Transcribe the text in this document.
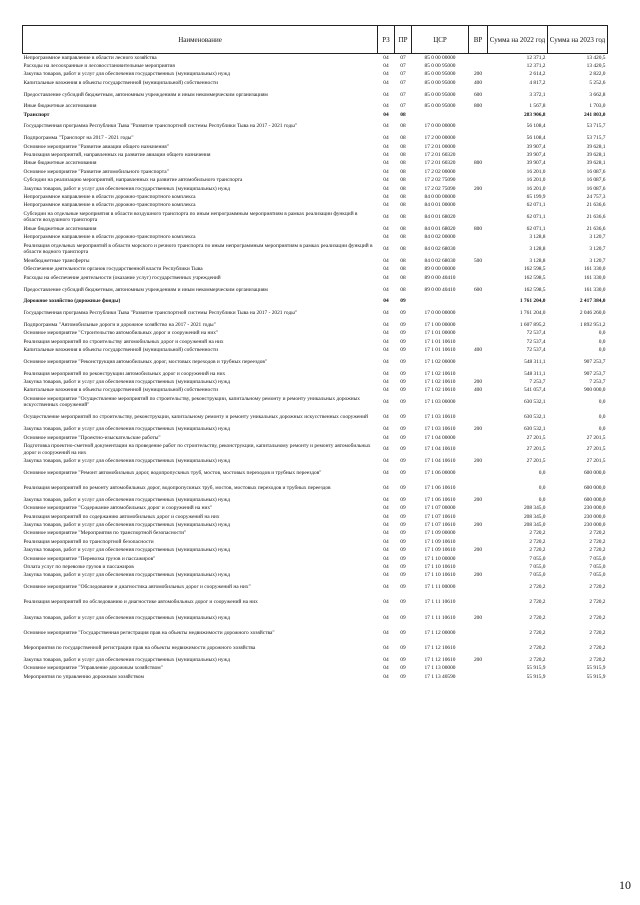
Наименование	РЗ	ПР	ЦСР	ВР	Сумма на 2022 год	Сумма на 2023 год
Непрограммное направление в области лесного хозяйства	04	07	85 0 00 00000		12 371,2	13 420,5
Расходы на лесоохранные и лесовосстановительные мероприятия	04	07	85 0 00 95000		12 371,2	13 420,5
Закупка товаров, работ и услуг для обеспечения государственных (муниципальных) нужд	04	07	85 0 00 95000	200	2 614,2	2 822,0
Капитальные вложения в объекты государственной (муниципальной) собственности	04	07	85 0 00 95000	400	4 817,2	5 252,6
Предоставление субсидий бюджетным, автономным учреждениям и иным некоммерческим организациям	04	07	85 0 00 95000	600	3 372,1	3 662,8
Иные бюджетные ассигнования	04	07	85 0 00 95000	800	1 567,8	1 703,0
Транспорт	04	08			283 906,8	241 803,0
Государственная программа Республики Тыва "Развитие транспортной системы Республики Тыва на 2017 - 2021 годы"	04	08	17 0 00 00000		56 108,4	53 715,7
Подпрограмма "Транспорт на 2017 - 2021 годы"	04	08	17 2 00 00000		56 108,4	53 715,7
Основное мероприятие "Развитие авиации общего назначения"	04	08	17 2 01 00000		39 907,4	39 628,1
Реализация мероприятий, направленных на развитие авиации общего назначения	04	08	17 2 01 60320		39 907,4	39 628,1
Иные бюджетные ассигнования	04	08	17 2 01 60320	800	39 907,4	39 628,1
Основное мероприятие "Развитие автомобильного транспорта"	04	08	17 2 02 00000		16 201,0	16 087,6
Субсидии на реализацию мероприятий, направленных на развитие автомобильного транспорта	04	08	17 2 02 75090		16 201,0	16 087,6
Закупка товаров, работ и услуг для обеспечения государственных (муниципальных) нужд	04	08	17 2 02 75090	200	16 201,0	16 087,6
Непрограммное направление в области дорожно-транспортного комплекса	04	08	84 0 00 00000		65 199,9	24 757,3
Непрограммное направление в области дорожно-транспортного комплекса	04	08	84 0 01 00000		62 071,1	21 636,6
Субсидии на отдельные мероприятия в области воздушного транспорта по иным непрограммным мероприятиям в рамках реализации функций в области воздушного транспорта	04	08	84 0 01 68020		62 071,1	21 636,6
Иные бюджетные ассигнования	04	08	84 0 01 68020	800	62 071,1	21 636,6
Непрограммное направление в области дорожно-транспортного комплекса	04	08	84 0 02 00000		3 128,8	3 120,7
Реализация отдельных мероприятий в области морского и речного транспорта по иным непрограммным мероприятиям в рамках реализации функций в области водного транспорта	04	08	84 0 02 68030		3 128,8	3 120,7
Межбюджетные трансферты	04	08	84 0 02 68030	500	3 128,8	3 120,7
Обеспечение деятельности органов государственной власти Республики Тыва	04	08	89 0 00 00000		162 598,5	161 330,0
Расходы на обеспечение деятельности (оказание услуг) государственных учреждений	04	08	89 0 00 40410		162 598,5	161 330,0
Предоставление субсидий бюджетным, автономным учреждениям и иным некоммерческим организациям	04	08	89 0 00 40410	600	162 598,5	161 330,0
Дорожное хозяйство (дорожные фонды)	04	09			1 761 204,0	2 417 384,0
Государственная программа Республики Тыва "Развитие транспортной системы Республики Тыва на 2017 - 2021 годы"	04	09	17 0 00 00000		1 761 204,0	2 046 260,0
Подпрограмма "Автомобильные дороги и дорожное хозяйство на 2017 - 2021 годы"	04	09	17 1 00 00000		1 607 895,2	1 892 951,2
Основное мероприятие "Строительство автомобильных дорог и сооружений на них"	04	09	17 1 01 00000		72 537,4	0,0
Реализация мероприятий по строительству автомобильных дорог и сооружений на них	04	09	17 1 01 10610		72 537,4	0,0
Капитальные вложения в объекты государственной (муниципальной) собственности	04	09	17 1 01 10610	400	72 537,4	0,0
Основное мероприятие "Реконструкция автомобильных дорог, мостовых переходов и трубных переездов"	04	09	17 1 02 00000		548 311,1	907 253,7
Реализация мероприятий по реконструкции автомобильных дорог и сооружений на них	04	09	17 1 02 10610		548 311,1	907 253,7
Закупка товаров, работ и услуг для обеспечения государственных (муниципальных) нужд	04	09	17 1 02 10610	200	7 253,7	7 253,7
Капитальные вложения в объекты государственной (муниципальной) собственности	04	09	17 1 02 10610	400	541 057,4	900 000,0
Основное мероприятие "Осуществление мероприятий по строительству, реконструкции, капитальному ремонту и ремонту уникальных дорожных искусственных сооружений"	04	09	17 1 03 00000		630 532,1	0,0
Осуществление мероприятий по строительству, реконструкции, капитальному ремонту и ремонту уникальных дорожных искусственных сооружений	04	09	17 1 03 10610		630 532,1	0,0
Закупка товаров, работ и услуг для обеспечения государственных (муниципальных) нужд	04	09	17 1 03 10610	200	630 532,1	0,0
Основное мероприятие "Проектно-изыскательские работы"	04	09	17 1 04 00000		27 201,5	27 201,5
Подготовка проектно-сметной документации на проведение работ по строительству, реконструкции, капитальному ремонту и ремонту автомобильных дорог и сооружений на них	04	09	17 1 04 10610		27 201,5	27 201,5
Закупка товаров, работ и услуг для обеспечения государственных (муниципальных) нужд	04	09	17 1 04 10610	200	27 201,5	27 201,5
Основное мероприятие "Ремонт автомобильных дорог, водопропускных труб, мостов, мостовых переходов и трубных переездов"	04	09	17 1 06 00000		0,0	600 000,0
Реализация мероприятий по ремонту автомобильных дорог, водопропускных труб, мостов, мостовых переходов и трубных переездов	04	09	17 1 06 10610		0,0	600 000,0
Закупка товаров, работ и услуг для обеспечения государственных (муниципальных) нужд	04	09	17 1 06 10610	200	0,0	600 000,0
Основное мероприятие "Содержание автомобильных дорог и сооружений на них"	04	09	17 1 07 00000		208 345,0	230 000,0
Реализация мероприятий по содержанию автомобильных дорог и сооружений на них	04	09	17 1 07 10610		208 345,0	230 000,0
Закупка товаров, работ и услуг для обеспечения государственных (муниципальных) нужд	04	09	17 1 07 10610	200	208 345,0	230 000,0
Основное мероприятие "Мероприятия по транспортной безопасности"	04	09	17 1 09 00000		2 720,2	2 720,2
Реализация мероприятий по транспортной безопасности	04	09	17 1 09 10610		2 720,2	2 720,2
Закупка товаров, работ и услуг для обеспечения государственных (муниципальных) нужд	04	09	17 1 09 10610	200	2 720,2	2 720,2
Основное мероприятие "Перевозка грузов и пассажиров"	04	09	17 1 10 00000		7 055,0	7 055,0
Оплата услуг по перевозке грузов и пассажиров	04	09	17 1 10 10610		7 055,0	7 055,0
Закупка товаров, работ и услуг для обеспечения государственных (муниципальных) нужд	04	09	17 1 10 10610	200	7 055,0	7 055,0
Основное мероприятие "Обследование и диагностика автомобильных дорог и сооружений на них"	04	09	17 1 11 00000		2 720,2	2 720,2
Реализация мероприятий по обследованию и диагностике автомобильных дорог и сооружений на них	04	09	17 1 11 10610		2 720,2	2 720,2
Закупка товаров, работ и услуг для обеспечения государственных (муниципальных) нужд	04	09	17 1 11 10610	200	2 720,2	2 720,2
Основное мероприятие "Государственная регистрация прав на объекты недвижимости дорожного хозяйства"	04	09	17 1 12 00000		2 720,2	2 720,2
Мероприятия по государственной регистрации прав на объекты недвижимости дорожного хозяйства	04	09	17 1 12 10610		2 720,2	2 720,2
Закупка товаров, работ и услуг для обеспечения государственных (муниципальных) нужд	04	09	17 1 12 10610	200	2 720,2	2 720,2
Основное мероприятие "Управление дорожным хозяйством"	04	09	17 1 13 00000		55 915,9	55 915,9
Мероприятия по управлению дорожным хозяйством	04	09	17 1 13 40590		55 915,9	55 915,9
10
